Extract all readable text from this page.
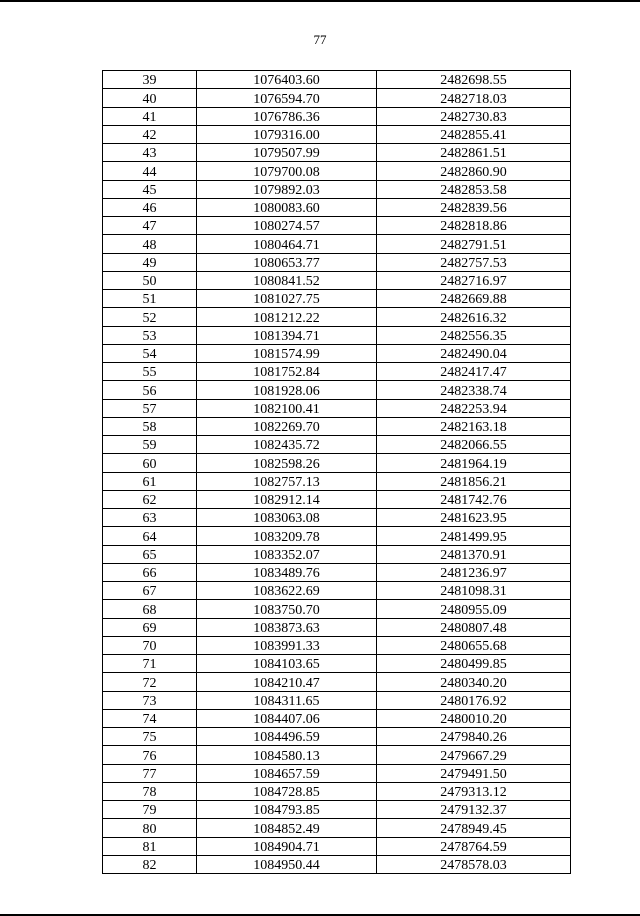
77
39	1076403.60	2482698.55
40	1076594.70	2482718.03
41	1076786.36	2482730.83
42	1079316.00	2482855.41
43	1079507.99	2482861.51
44	1079700.08	2482860.90
45	1079892.03	2482853.58
46	1080083.60	2482839.56
47	1080274.57	2482818.86
48	1080464.71	2482791.51
49	1080653.77	2482757.53
50	1080841.52	2482716.97
51	1081027.75	2482669.88
52	1081212.22	2482616.32
53	1081394.71	2482556.35
54	1081574.99	2482490.04
55	1081752.84	2482417.47
56	1081928.06	2482338.74
57	1082100.41	2482253.94
58	1082269.70	2482163.18
59	1082435.72	2482066.55
60	1082598.26	2481964.19
61	1082757.13	2481856.21
62	1082912.14	2481742.76
63	1083063.08	2481623.95
64	1083209.78	2481499.95
65	1083352.07	2481370.91
66	1083489.76	2481236.97
67	1083622.69	2481098.31
68	1083750.70	2480955.09
69	1083873.63	2480807.48
70	1083991.33	2480655.68
71	1084103.65	2480499.85
72	1084210.47	2480340.20
73	1084311.65	2480176.92
74	1084407.06	2480010.20
75	1084496.59	2479840.26
76	1084580.13	2479667.29
77	1084657.59	2479491.50
78	1084728.85	2479313.12
79	1084793.85	2479132.37
80	1084852.49	2478949.45
81	1084904.71	2478764.59
82	1084950.44	2478578.03
